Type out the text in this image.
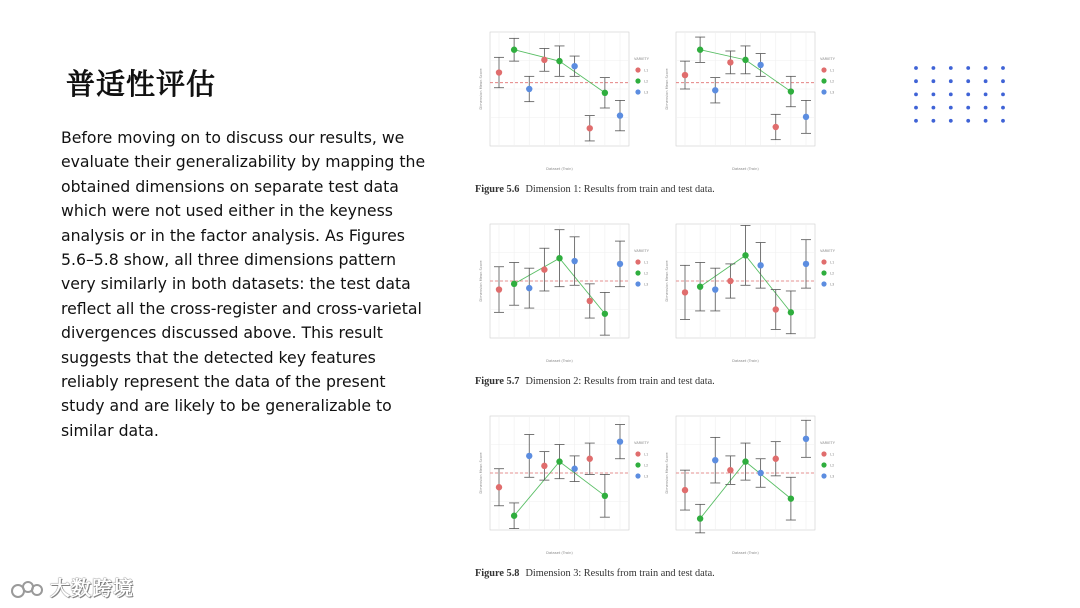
普适性评估
Before moving on to discuss our results, we evaluate their generalizability by mapping the obtained dimensions on separate test data which were not used either in the keyness analysis or in the factor analysis. As Figures 5.6–5.8 show, all three dimensions pattern very similarly in both datasets: the test data reflect all the cross-register and cross-varietal divergences discussed above. This result suggests that the detected key features reliably represent the data of the present study and are likely to be generalizable to similar data.
Dimension Mean Score
Dataset (Train)
VARIETY
L1
L2
L3	Dimension Mean Score
Dataset (Train)
VARIETY
L1
L2
L3
Figure 5.6 Dimension 1: Results from train and test data.
Dimension Mean Score
Dataset (Train)
VARIETY
L1
L2
L3	Dimension Mean Score
Dataset (Train)
VARIETY
L1
L2
L3
Figure 5.7 Dimension 2: Results from train and test data.
Dimension Mean Score
Dataset (Train)
VARIETY
L1
L2
L3	Dimension Mean Score
Dataset (Train)
VARIETY
L1
L2
L3
Figure 5.8 Dimension 3: Results from train and test data.
大数跨境
